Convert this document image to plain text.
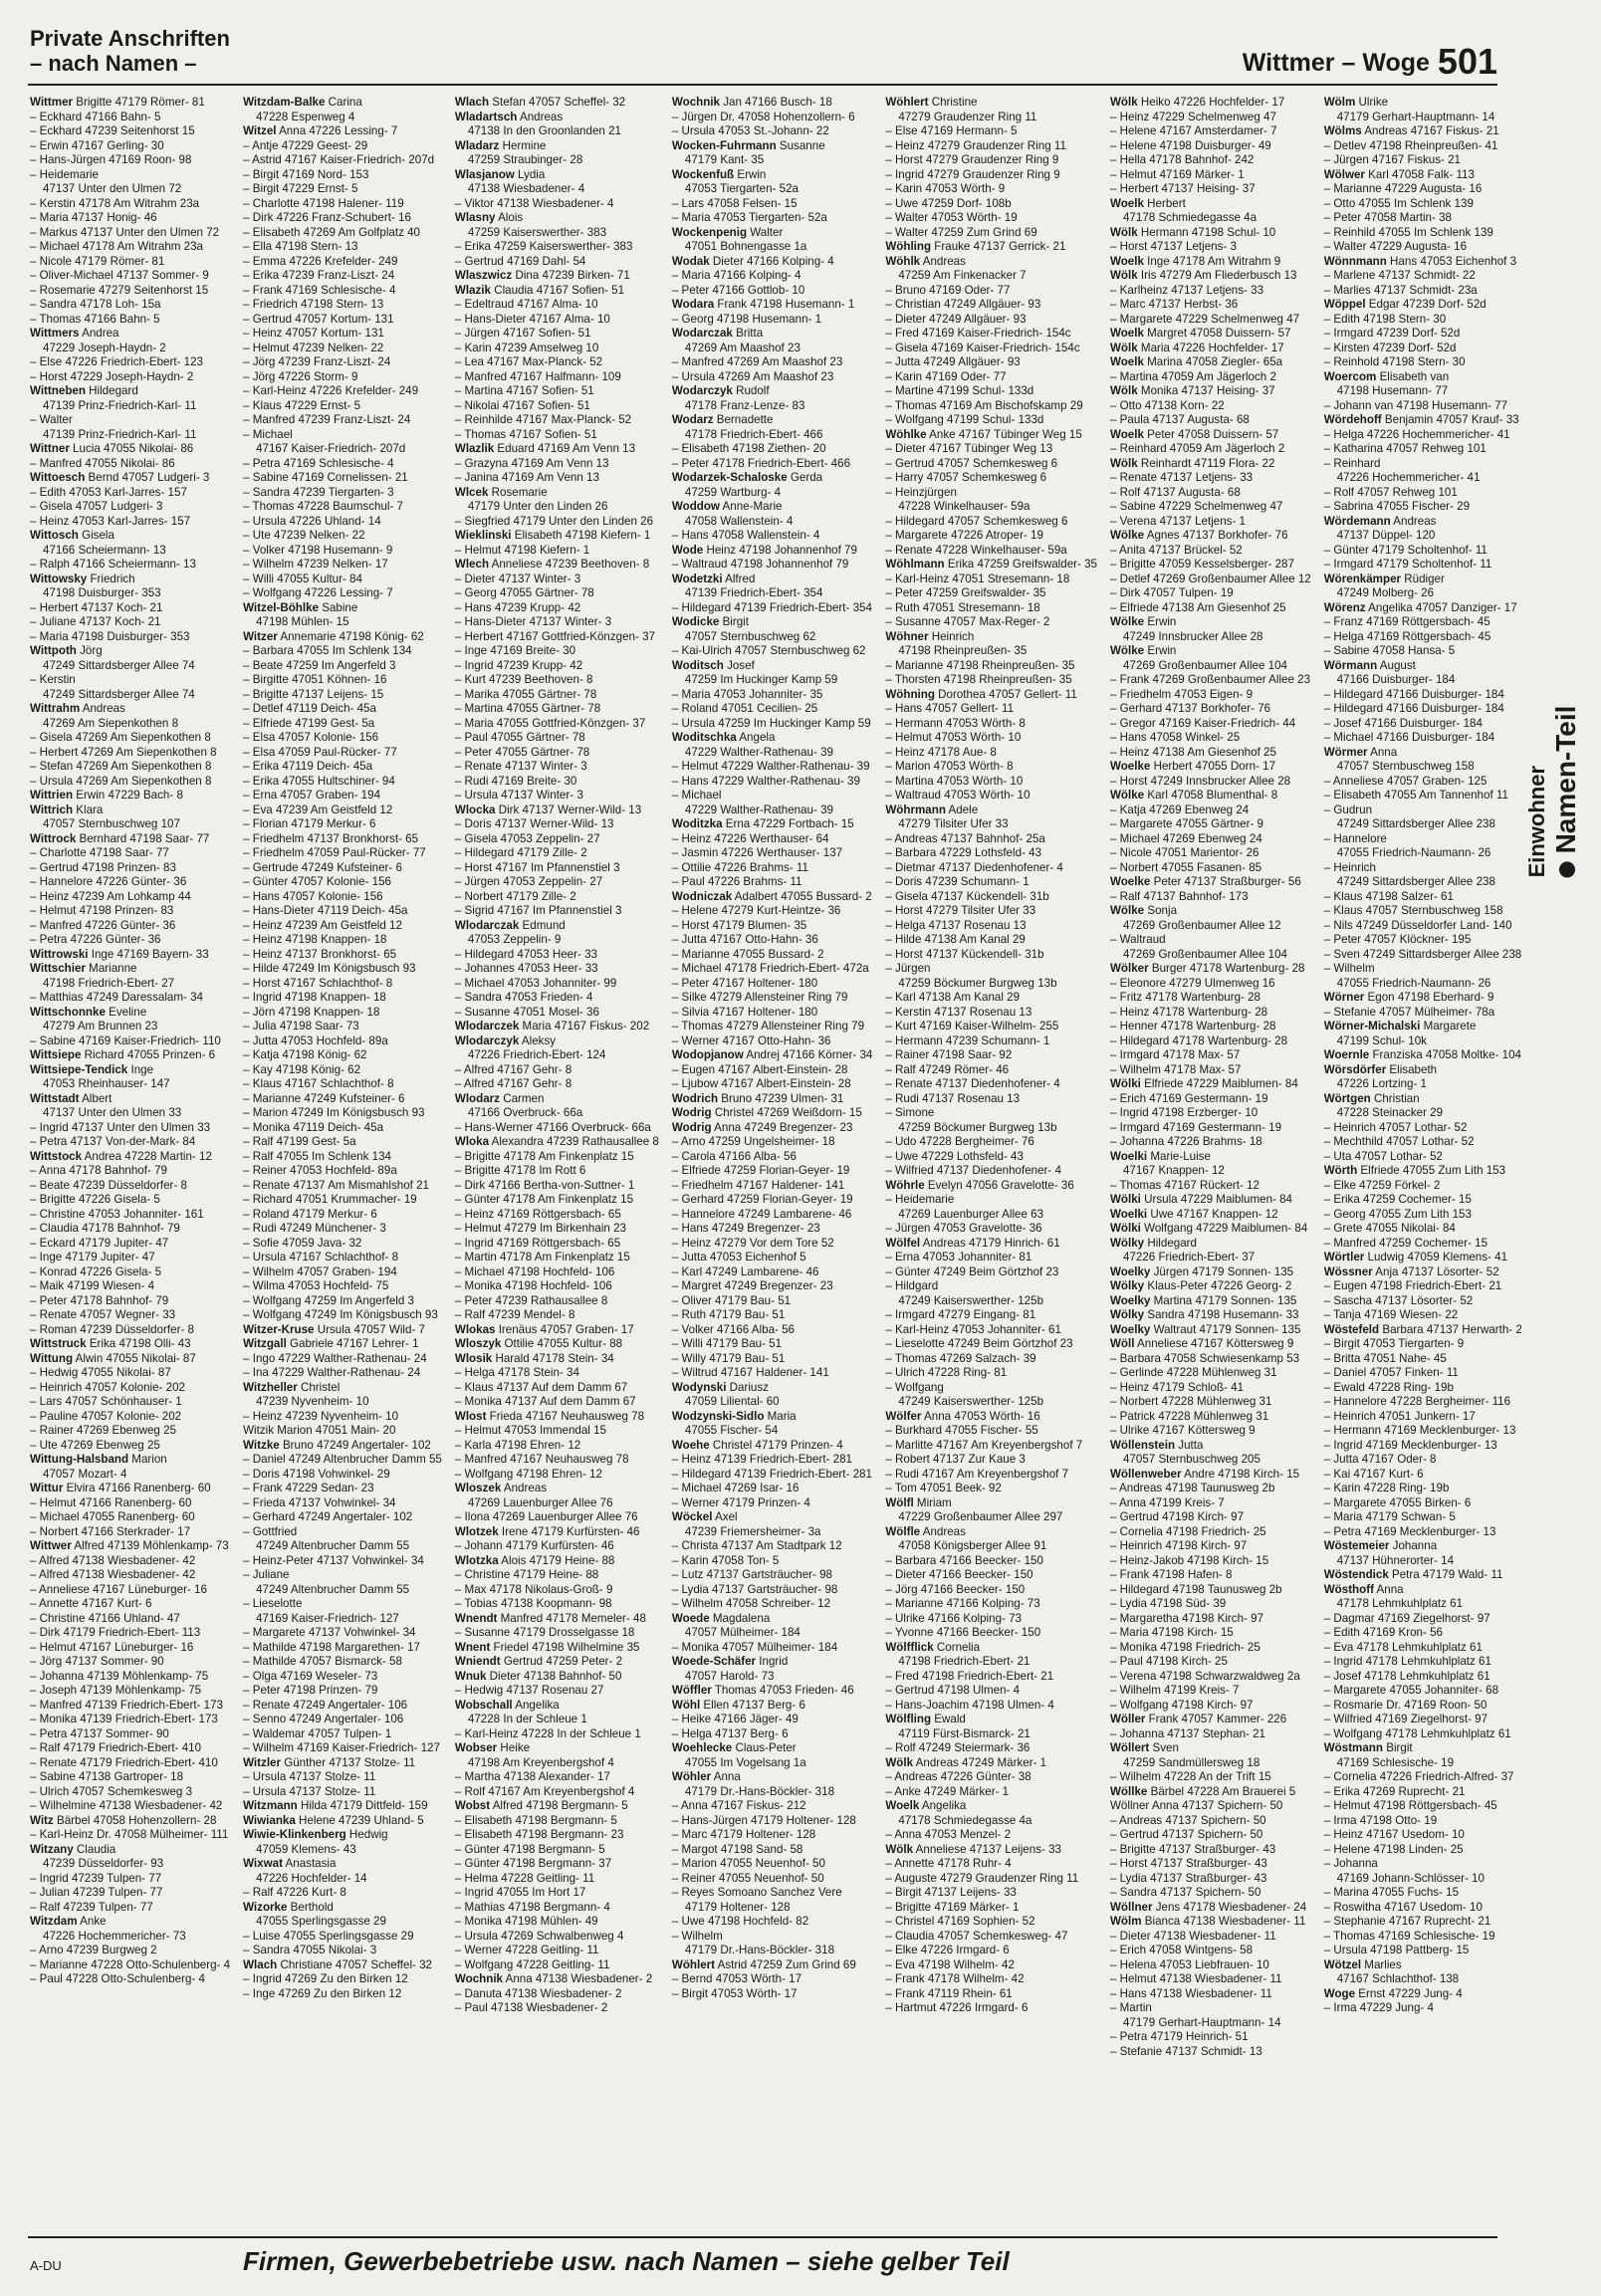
Private Anschriften
– nach Namen –	Wittmer – Woge 501
Wittmer Brigitte 47179 Römer- 81
– Eckhard 47166 Bahn- 5
– Eckhard 47239 Seitenhorst 15
– Erwin 47167 Gerling- 30
– Hans-Jürgen 47169 Roon- 98
– Heidemarie
47137 Unter den Ulmen 72
– Kerstin 47178 Am Witrahm 23a
– Maria 47137 Honig- 46
– Markus 47137 Unter den Ulmen 72
– Michael 47178 Am Witrahm 23a
– Nicole 47179 Römer- 81
– Oliver-Michael 47137 Sommer- 9
– Rosemarie 47279 Seitenhorst 15
– Sandra 47178 Loh- 15a
– Thomas 47166 Bahn- 5
Wittmers Andrea
47229 Joseph-Haydn- 2
– Else 47226 Friedrich-Ebert- 123
– Horst 47229 Joseph-Haydn- 2
Wittneben Hildegard
47139 Prinz-Friedrich-Karl- 11
– Walter
47139 Prinz-Friedrich-Karl- 11
Wittner Lucia 47055 Nikolai- 86
– Manfred 47055 Nikolai- 86
Wittoesch Bernd 47057 Ludgeri- 3
– Edith 47053 Karl-Jarres- 157
– Gisela 47057 Ludgeri- 3
– Heinz 47053 Karl-Jarres- 157
Wittosch Gisela
47166 Scheiermann- 13
– Ralph 47166 Scheiermann- 13
Wittowsky Friedrich
47198 Duisburger- 353
– Herbert 47137 Koch- 21
– Juliane 47137 Koch- 21
– Maria 47198 Duisburger- 353
Wittpoth Jörg
47249 Sittardsberger Allee 74
– Kerstin
47249 Sittardsberger Allee 74
Wittrahm Andreas
47269 Am Siepenkothen 8
– Gisela 47269 Am Siepenkothen 8
– Herbert 47269 Am Siepenkothen 8
– Stefan 47269 Am Siepenkothen 8
– Ursula 47269 Am Siepenkothen 8
Wittrien Erwin 47229 Bach- 8
Wittrich Klara
47057 Sternbuschweg 107
Wittrock Bernhard 47198 Saar- 77
– Charlotte 47198 Saar- 77
– Gertrud 47198 Prinzen- 83
– Hannelore 47226 Günter- 36
– Heinz 47239 Am Lohkamp 44
– Helmut 47198 Prinzen- 83
– Manfred 47226 Günter- 36
– Petra 47226 Günter- 36
Wittrowski Inge 47169 Bayern- 33
Wittschier Marianne
47198 Friedrich-Ebert- 27
– Matthias 47249 Daressalam- 34
Wittschonnke Eveline
47279 Am Brunnen 23
– Sabine 47169 Kaiser-Friedrich- 110
Wittsiepe Richard 47055 Prinzen- 6
Wittsiepe-Tendick Inge
47053 Rheinhauser- 147
Wittstadt Albert
47137 Unter den Ulmen 33
– Ingrid 47137 Unter den Ulmen 33
– Petra 47137 Von-der-Mark- 84
Wittstock Andrea 47228 Martin- 12
– Anna 47178 Bahnhof- 79
– Beate 47239 Düsseldorfer- 8
– Brigitte 47226 Gisela- 5
– Christine 47053 Johanniter- 161
– Claudia 47178 Bahnhof- 79
– Eckard 47179 Jupiter- 47
– Inge 47179 Jupiter- 47
– Konrad 47226 Gisela- 5
– Maik 47199 Wiesen- 4
– Peter 47178 Bahnhof- 79
– Renate 47057 Wegner- 33
– Roman 47239 Düsseldorfer- 8
Wittstruck Erika 47198 Olli- 43
Wittung Alwin 47055 Nikolai- 87
– Hedwig 47055 Nikolai- 87
– Heinrich 47057 Kolonie- 202
– Lars 47057 Schönhauser- 1
– Pauline 47057 Kolonie- 202
– Rainer 47269 Ebenweg 25
– Ute 47269 Ebenweg 25
Wittung-Halsband Marion
47057 Mozart- 4
Wittur Elvira 47166 Ranenberg- 60
– Helmut 47166 Ranenberg- 60
– Michael 47055 Ranenberg- 60
– Norbert 47166 Sterkrader- 17
Wittwer Alfred 47139 Möhlenkamp- 73
– Alfred 47138 Wiesbadener- 42
– Alfred 47138 Wiesbadener- 42
– Anneliese 47167 Lüneburger- 16
– Annette 47167 Kurt- 6
– Christine 47166 Uhland- 47
– Dirk 47179 Friedrich-Ebert- 113
– Helmut 47167 Lüneburger- 16
– Jörg 47137 Sommer- 90
– Johanna 47139 Möhlenkamp- 75
– Joseph 47139 Möhlenkamp- 75
– Manfred 47139 Friedrich-Ebert- 173
– Monika 47139 Friedrich-Ebert- 173
– Petra 47137 Sommer- 90
– Ralf 47179 Friedrich-Ebert- 410
– Renate 47179 Friedrich-Ebert- 410
– Sabine 47138 Gartroper- 18
– Ulrich 47057 Schemkesweg 3
– Wilhelmine 47138 Wiesbadener- 42
Witz Bärbel 47058 Hohenzollern- 28
– Karl-Heinz Dr. 47058 Mülheimer- 111
Witzany Claudia
47239 Düsseldorfer- 93
– Ingrid 47239 Tulpen- 77
– Julian 47239 Tulpen- 77
– Ralf 47239 Tulpen- 77
Witzdam Anke
47226 Hochemmericher- 73
– Arno 47239 Burgweg 2
– Marianne 47228 Otto-Schulenberg- 4
– Paul 47228 Otto-Schulenberg- 4
Witzdam-Balke Carina
47228 Espenweg 4
Witzel Anna 47226 Lessing- 7
– Antje 47229 Geest- 29
– Astrid 47167 Kaiser-Friedrich- 207d
– Birgit 47169 Nord- 153
– Birgit 47229 Ernst- 5
– Charlotte 47198 Halener- 119
– Dirk 47226 Franz-Schubert- 16
– Elisabeth 47269 Am Golfplatz 40
– Ella 47198 Stern- 13
– Emma 47226 Krefelder- 249
– Erika 47239 Franz-Liszt- 24
– Frank 47169 Schlesische- 4
– Friedrich 47198 Stern- 13
– Gertrud 47057 Kortum- 131
– Heinz 47057 Kortum- 131
– Helmut 47239 Nelken- 22
– Jörg 47239 Franz-Liszt- 24
– Jörg 47226 Storm- 9
– Karl-Heinz 47226 Krefelder- 249
– Klaus 47229 Ernst- 5
– Manfred 47239 Franz-Liszt- 24
– Michael
47167 Kaiser-Friedrich- 207d
– Petra 47169 Schlesische- 4
– Sabine 47169 Cornelissen- 21
– Sandra 47239 Tiergarten- 3
– Thomas 47228 Baumschul- 7
– Ursula 47226 Uhland- 14
– Ute 47239 Nelken- 22
– Volker 47198 Husemann- 9
– Wilhelm 47239 Nelken- 17
– Willi 47055 Kultur- 84
– Wolfgang 47226 Lessing- 7
Witzel-Böhlke Sabine
47198 Mühlen- 15
Witzer Annemarie 47198 König- 62
– Barbara 47055 Im Schlenk 134
– Beate 47259 Im Angerfeld 3
– Birgitte 47051 Köhnen- 16
– Brigitte 47137 Leijens- 15
– Detlef 47119 Deich- 45a
– Elfriede 47199 Gest- 5a
– Elsa 47057 Kolonie- 156
– Elsa 47059 Paul-Rücker- 77
– Erika 47119 Deich- 45a
– Erika 47055 Hultschiner- 94
– Erna 47057 Graben- 194
– Eva 47239 Am Geistfeld 12
– Florian 47179 Merkur- 6
– Friedhelm 47137 Bronkhorst- 65
– Friedhelm 47059 Paul-Rücker- 77
– Gertrude 47249 Kufsteiner- 6
– Günter 47057 Kolonie- 156
– Hans 47057 Kolonie- 156
– Hans-Dieter 47119 Deich- 45a
– Heinz 47239 Am Geistfeld 12
– Heinz 47198 Knappen- 18
– Heinz 47137 Bronkhorst- 65
– Hilde 47249 Im Königsbusch 93
– Horst 47167 Schlachthof- 8
– Ingrid 47198 Knappen- 18
– Jörn 47198 Knappen- 18
– Julia 47198 Saar- 73
– Jutta 47053 Hochfeld- 89a
– Katja 47198 König- 62
– Kay 47198 König- 62
– Klaus 47167 Schlachthof- 8
– Marianne 47249 Kufsteiner- 6
– Marion 47249 Im Königsbusch 93
– Monika 47119 Deich- 45a
– Ralf 47199 Gest- 5a
– Ralf 47055 Im Schlenk 134
– Reiner 47053 Hochfeld- 89a
– Renate 47137 Am Mismahlshof 21
– Richard 47051 Krummacher- 19
– Roland 47179 Merkur- 6
– Rudi 47249 Münchener- 3
– Sofie 47059 Java- 32
– Ursula 47167 Schlachthof- 8
– Wilhelm 47057 Graben- 194
– Wilma 47053 Hochfeld- 75
– Wolfgang 47259 Im Angerfeld 3
– Wolfgang 47249 Im Königsbusch 93
Witzer-Kruse Ursula 47057 Wild- 7
Witzgall Gabriele 47167 Lehrer- 1
– Ingo 47229 Walther-Rathenau- 24
– Ina 47229 Walther-Rathenau- 24
Witzheller Christel
47239 Nyvenheim- 10
– Heinz 47239 Nyvenheim- 10
Witzik Marion 47051 Main- 20
Witzke Bruno 47249 Angertaler- 102
– Daniel 47249 Altenbrucher Damm 55
– Doris 47198 Vohwinkel- 29
– Frank 47229 Sedan- 23
– Frieda 47137 Vohwinkel- 34
– Gerhard 47249 Angertaler- 102
– Gottfried
47249 Altenbrucher Damm 55
– Heinz-Peter 47137 Vohwinkel- 34
– Juliane
47249 Altenbrucher Damm 55
– Lieselotte
47169 Kaiser-Friedrich- 127
– Margarete 47137 Vohwinkel- 34
– Mathilde 47198 Margarethen- 17
– Mathilde 47057 Bismarck- 58
– Olga 47169 Weseler- 73
– Peter 47198 Prinzen- 79
– Renate 47249 Angertaler- 106
– Senno 47249 Angertaler- 106
– Waldemar 47057 Tulpen- 1
– Wilhelm 47169 Kaiser-Friedrich- 127
Witzler Günther 47137 Stolze- 11
– Ursula 47137 Stolze- 11
– Ursula 47137 Stolze- 11
Witzmann Hilda 47179 Dittfeld- 159
Wiwianka Helene 47239 Uhland- 5
Wiwie-Klinkenberg Hedwig
47059 Klemens- 43
Wixwat Anastasia
47226 Hochfelder- 14
– Ralf 47226 Kurt- 8
Wizorke Berthold
47055 Sperlingsgasse 29
– Luise 47055 Sperlingsgasse 29
– Sandra 47055 Nikolai- 3
Wlach Christiane 47057 Scheffel- 32
– Ingrid 47269 Zu den Birken 12
– Inge 47269 Zu den Birken 12
Wlach Stefan 47057 Scheffel- 32
Wladartsch Andreas
47138 In den Groonlanden 21
Wladarz Hermine
47259 Straubinger- 28
Wlasjanow Lydia
47138 Wiesbadener- 4
– Viktor 47138 Wiesbadener- 4
Wlasny Alois
47259 Kaiserswerther- 383
– Erika 47259 Kaiserswerther- 383
– Gertrud 47169 Dahl- 54
Wlaszwicz Dina 47239 Birken- 71
Wlazik Claudia 47167 Sofien- 51
– Edeltraud 47167 Alma- 10
– Hans-Dieter 47167 Alma- 10
– Jürgen 47167 Sofien- 51
– Karin 47239 Amselweg 10
– Lea 47167 Max-Planck- 52
– Manfred 47167 Halfmann- 109
– Martina 47167 Sofien- 51
– Nikolai 47167 Sofien- 51
– Reinhilde 47167 Max-Planck- 52
– Thomas 47167 Sofien- 51
Wlazlik Eduard 47169 Am Venn 13
– Grazyna 47169 Am Venn 13
– Janina 47169 Am Venn 13
Wlcek Rosemarie
47179 Unter den Linden 26
– Siegfried 47179 Unter den Linden 26
Wieklinski Elisabeth 47198 Kiefern- 1
– Helmut 47198 Kiefern- 1
Wlech Anneliese 47239 Beethoven- 8
– Dieter 47137 Winter- 3
– Georg 47055 Gärtner- 78
– Hans 47239 Krupp- 42
– Hans-Dieter 47137 Winter- 3
– Herbert 47167 Gottfried-Könzgen- 37
– Inge 47169 Breite- 30
– Ingrid 47239 Krupp- 42
– Kurt 47239 Beethoven- 8
– Marika 47055 Gärtner- 78
– Martina 47055 Gärtner- 78
– Maria 47055 Gottfried-Könzgen- 37
– Paul 47055 Gärtner- 78
– Peter 47055 Gärtner- 78
– Renate 47137 Winter- 3
– Rudi 47169 Breite- 30
– Ursula 47137 Winter- 3
Wlocka Dirk 47137 Werner-Wild- 13
– Doris 47137 Werner-Wild- 13
– Gisela 47053 Zeppelin- 27
– Hildegard 47179 Zille- 2
– Horst 47167 Im Pfannenstiel 3
– Jürgen 47053 Zeppelin- 27
– Norbert 47179 Zille- 2
– Sigrid 47167 Im Pfannenstiel 3
Wlodarczak Edmund
47053 Zeppelin- 9
– Hildegard 47053 Heer- 33
– Johannes 47053 Heer- 33
– Michael 47053 Johanniter- 99
– Sandra 47053 Frieden- 4
– Susanne 47051 Mosel- 36
Wlodarczek Maria 47167 Fiskus- 202
Wlodarczyk Aleksy
47226 Friedrich-Ebert- 124
– Alfred 47167 Gehr- 8
– Alfred 47167 Gehr- 8
Wlodarz Carmen
47166 Overbruck- 66a
– Hans-Werner 47166 Overbruck- 66a
Wloka Alexandra 47239 Rathausallee 8
– Brigitte 47178 Am Finkenplatz 15
– Brigitte 47178 Im Rott 6
– Dirk 47166 Bertha-von-Suttner- 1
– Günter 47178 Am Finkenplatz 15
– Heinz 47169 Röttgersbach- 65
– Helmut 47279 Im Birkenhain 23
– Ingrid 47169 Röttgersbach- 65
– Martin 47178 Am Finkenplatz 15
– Michael 47198 Hochfeld- 106
– Monika 47198 Hochfeld- 106
– Peter 47239 Rathausallee 8
– Ralf 47239 Mendel- 8
Wlokas Irenäus 47057 Graben- 17
Wloszyk Ottilie 47055 Kultur- 88
Wlosik Harald 47178 Stein- 34
– Helga 47178 Stein- 34
– Klaus 47137 Auf dem Damm 67
– Monika 47137 Auf dem Damm 67
Wlost Frieda 47167 Neuhausweg 78
– Helmut 47053 Immendal 15
– Karla 47198 Ehren- 12
– Manfred 47167 Neuhausweg 78
– Wolfgang 47198 Ehren- 12
Wloszek Andreas
47269 Lauenburger Allee 76
– Ilona 47269 Lauenburger Allee 76
Wlotzek Irene 47179 Kurfürsten- 46
– Johann 47179 Kurfürsten- 46
Wlotzka Alois 47179 Heine- 88
– Christine 47179 Heine- 88
– Max 47178 Nikolaus-Groß- 9
– Tobias 47138 Koopmann- 98
Wnendt Manfred 47178 Memeler- 48
– Susanne 47179 Drosselgasse 18
Wnent Friedel 47198 Wilhelmine 35
Wniendt Gertrud 47259 Peter- 2
Wnuk Dieter 47138 Bahnhof- 50
– Hedwig 47137 Rosenau 27
Wobschall Angelika
47228 In der Schleue 1
– Karl-Heinz 47228 In der Schleue 1
Wobser Heike
47198 Am Kreyenbergshof 4
– Martha 47138 Alexander- 17
– Rolf 47167 Am Kreyenbergshof 4
Wobst Alfred 47198 Bergmann- 5
– Elisabeth 47198 Bergmann- 5
– Elisabeth 47198 Bergmann- 23
– Günter 47198 Bergmann- 5
– Günter 47198 Bergmann- 37
– Helma 47228 Geitling- 11
– Ingrid 47055 Im Hort 17
– Mathias 47198 Bergmann- 4
– Monika 47198 Mühlen- 49
– Ursula 47269 Schwalbenweg 4
– Werner 47228 Geitling- 11
– Wolfgang 47228 Geitling- 11
Wochnik Anna 47138 Wiesbadener- 2
– Danuta 47138 Wiesbadener- 2
– Paul 47138 Wiesbadener- 2
Wochnik Jan 47166 Busch- 18
– Jürgen Dr. 47058 Hohenzollern- 6
– Ursula 47053 St.-Johann- 22
Wocken-Fuhrmann Susanne
47179 Kant- 35
Wockenfuß Erwin
47053 Tiergarten- 52a
– Lars 47058 Felsen- 15
– Maria 47053 Tiergarten- 52a
Wockenpenig Walter
47051 Bohnengasse 1a
Wodak Dieter 47166 Kolping- 4
– Maria 47166 Kolping- 4
– Peter 47166 Gottlob- 10
Wodara Frank 47198 Husemann- 1
– Georg 47198 Husemann- 1
Wodarczak Britta
47269 Am Maashof 23
– Manfred 47269 Am Maashof 23
– Ursula 47269 Am Maashof 23
Wodarczyk Rudolf
47178 Franz-Lenze- 83
Wodarz Bernadette
47178 Friedrich-Ebert- 466
– Elisabeth 47198 Ziethen- 20
– Peter 47178 Friedrich-Ebert- 466
Wodarzek-Schaloske Gerda
47259 Wartburg- 4
Woddow Anne-Marie
47058 Wallenstein- 4
– Hans 47058 Wallenstein- 4
Wode Heinz 47198 Johannenhof 79
– Waltraud 47198 Johannenhof 79
Wodetzki Alfred
47139 Friedrich-Ebert- 354
– Hildegard 47139 Friedrich-Ebert- 354
Wodicke Birgit
47057 Sternbuschweg 62
– Kai-Ulrich 47057 Sternbuschweg 62
Woditsch Josef
47259 Im Huckinger Kamp 59
– Maria 47053 Johanniter- 35
– Roland 47051 Cecilien- 25
– Ursula 47259 Im Huckinger Kamp 59
Woditschka Angela
47229 Walther-Rathenau- 39
– Helmut 47229 Walther-Rathenau- 39
– Hans 47229 Walther-Rathenau- 39
– Michael
47229 Walther-Rathenau- 39
Woditzka Erna 47229 Fortbach- 15
– Heinz 47226 Werthauser- 64
– Jasmin 47226 Werthauser- 137
– Ottilie 47226 Brahms- 11
– Paul 47226 Brahms- 11
Wodniczak Adalbert 47055 Bussard- 2
– Helene 47279 Kurt-Heintze- 36
– Horst 47179 Blumen- 35
– Jutta 47167 Otto-Hahn- 36
– Marianne 47055 Bussard- 2
– Michael 47178 Friedrich-Ebert- 472a
– Peter 47167 Holtener- 180
– Silke 47279 Allensteiner Ring 79
– Silvia 47167 Holtener- 180
– Thomas 47279 Allensteiner Ring 79
– Werner 47167 Otto-Hahn- 36
Wodopjanow Andrej 47166 Körner- 34
– Eugen 47167 Albert-Einstein- 28
– Ljubow 47167 Albert-Einstein- 28
Wodrich Bruno 47239 Ulmen- 31
Wodrig Christel 47269 Weißdorn- 15
Wodrig Anna 47249 Bregenzer- 23
– Arno 47259 Ungelsheimer- 18
– Carola 47166 Alba- 56
– Elfriede 47259 Florian-Geyer- 19
– Friedhelm 47167 Haldener- 141
– Gerhard 47259 Florian-Geyer- 19
– Hannelore 47249 Lambarene- 46
– Hans 47249 Bregenzer- 23
– Heinz 47279 Vor dem Tore 52
– Jutta 47053 Eichenhof 5
– Karl 47249 Lambarene- 46
– Margret 47249 Bregenzer- 23
– Oliver 47179 Bau- 51
– Ruth 47179 Bau- 51
– Volker 47166 Alba- 56
– Willi 47179 Bau- 51
– Willy 47179 Bau- 51
– Wiltrud 47167 Haldener- 141
Wodynski Dariusz
47059 Liliental- 60
Wodzynski-Sidlo Maria
47055 Fischer- 54
Woehe Christel 47179 Prinzen- 4
– Heinz 47139 Friedrich-Ebert- 281
– Hildegard 47139 Friedrich-Ebert- 281
– Michael 47269 Isar- 16
– Werner 47179 Prinzen- 4
Wöckel Axel
47239 Friemersheimer- 3a
– Christa 47137 Am Stadtpark 12
– Karin 47058 Ton- 5
– Lutz 47137 Gartsträucher- 98
– Lydia 47137 Gartsträucher- 98
– Wilhelm 47058 Schreiber- 12
Woede Magdalena
47057 Mülheimer- 184
– Monika 47057 Mülheimer- 184
Woede-Schäfer Ingrid
47057 Harold- 73
Wöffler Thomas 47053 Frieden- 46
Wöhl Ellen 47137 Berg- 6
– Heike 47166 Jäger- 49
– Helga 47137 Berg- 6
Woehlecke Claus-Peter
47055 Im Vogelsang 1a
Wöhler Anna
47179 Dr.-Hans-Böckler- 318
– Anna 47167 Fiskus- 212
– Hans-Jürgen 47179 Holtener- 128
– Marc 47179 Holtener- 128
– Margot 47198 Sand- 58
– Marion 47055 Neuenhof- 50
– Reiner 47055 Neuenhof- 50
– Reyes Somoano Sanchez Vere
47179 Holtener- 128
– Uwe 47198 Hochfeld- 82
– Wilhelm
47179 Dr.-Hans-Böckler- 318
Wöhlert Astrid 47259 Zum Grind 69
– Bernd 47053 Wörth- 17
– Birgit 47053 Wörth- 17
Wöhlert Christine
47279 Graudenzer Ring 11
– Else 47169 Hermann- 5
– Heinz 47279 Graudenzer Ring 11
– Horst 47279 Graudenzer Ring 9
– Ingrid 47279 Graudenzer Ring 9
– Karin 47053 Wörth- 9
– Uwe 47259 Dorf- 108b
– Walter 47053 Wörth- 19
– Walter 47259 Zum Grind 69
Wöhling Frauke 47137 Gerrick- 21
Wöhlk Andreas
47259 Am Finkenacker 7
– Bruno 47169 Oder- 77
– Christian 47249 Allgäuer- 93
– Dieter 47249 Allgäuer- 93
– Fred 47169 Kaiser-Friedrich- 154c
– Gisela 47169 Kaiser-Friedrich- 154c
– Jutta 47249 Allgäuer- 93
– Karin 47169 Oder- 77
– Martine 47199 Schul- 133d
– Thomas 47169 Am Bischofskamp 29
– Wolfgang 47199 Schul- 133d
Wöhlke Anke 47167 Tübinger Weg 15
– Dieter 47167 Tübinger Weg 13
– Gertrud 47057 Schemkesweg 6
– Harry 47057 Schemkesweg 6
– Heinzjürgen
47228 Winkelhauser- 59a
– Hildegard 47057 Schemkesweg 6
– Margarete 47226 Atroper- 19
– Renate 47228 Winkelhauser- 59a
Wöhlmann Erika 47259 Greifswalder- 35
– Karl-Heinz 47051 Stresemann- 18
– Peter 47259 Greifswalder- 35
– Ruth 47051 Stresemann- 18
– Susanne 47057 Max-Reger- 2
Wöhner Heinrich
47198 Rheinpreußen- 35
– Marianne 47198 Rheinpreußen- 35
– Thorsten 47198 Rheinpreußen- 35
Wöhning Dorothea 47057 Gellert- 11
– Hans 47057 Gellert- 11
– Hermann 47053 Wörth- 8
– Helmut 47053 Wörth- 10
– Heinz 47178 Aue- 8
– Marion 47053 Wörth- 8
– Martina 47053 Wörth- 10
– Waltraud 47053 Wörth- 10
Wöhrmann Adele
47279 Tilsiter Ufer 33
– Andreas 47137 Bahnhof- 25a
– Barbara 47229 Lothsfeld- 43
– Dietmar 47137 Diedenhofener- 4
– Doris 47239 Schumann- 1
– Gisela 47137 Kückendell- 31b
– Horst 47279 Tilsiter Ufer 33
– Helga 47137 Rosenau 13
– Hilde 47138 Am Kanal 29
– Horst 47137 Kückendell- 31b
– Jürgen
47259 Böckumer Burgweg 13b
– Karl 47138 Am Kanal 29
– Kerstin 47137 Rosenau 13
– Kurt 47169 Kaiser-Wilhelm- 255
– Hermann 47239 Schumann- 1
– Rainer 47198 Saar- 92
– Ralf 47249 Römer- 46
– Renate 47137 Diedenhofener- 4
– Rudi 47137 Rosenau 13
– Simone
47259 Böckumer Burgweg 13b
– Udo 47228 Bergheimer- 76
– Uwe 47229 Lothsfeld- 43
– Wilfried 47137 Diedenhofener- 4
Wöhrle Evelyn 47056 Gravelotte- 36
– Heidemarie
47269 Lauenburger Allee 63
– Jürgen 47053 Gravelotte- 36
Wölfel Andreas 47179 Hinrich- 61
– Erna 47053 Johanniter- 81
– Günter 47249 Beim Görtzhof 23
– Hildgard
47249 Kaiserswerther- 125b
– Irmgard 47279 Eingang- 81
– Karl-Heinz 47053 Johanniter- 61
– Lieselotte 47249 Beim Görtzhof 23
– Thomas 47269 Salzach- 39
– Ulrich 47228 Ring- 81
– Wolfgang
47249 Kaiserswerther- 125b
Wölfer Anna 47053 Wörth- 16
– Burkhard 47055 Fischer- 55
– Marlitte 47167 Am Kreyenbergshof 7
– Robert 47137 Zur Kaue 3
– Rudi 47167 Am Kreyenbergshof 7
– Tom 47051 Beek- 92
Wölfl Miriam
47229 Großenbaumer Allee 297
Wölfle Andreas
47058 Königsberger Allee 91
– Barbara 47166 Beecker- 150
– Dieter 47166 Beecker- 150
– Jörg 47166 Beecker- 150
– Marianne 47166 Kolping- 73
– Ulrike 47166 Kolping- 73
– Yvonne 47166 Beecker- 150
Wölfflick Cornelia
47198 Friedrich-Ebert- 21
– Fred 47198 Friedrich-Ebert- 21
– Gertrud 47198 Ulmen- 4
– Hans-Joachim 47198 Ulmen- 4
Wölfling Ewald
47119 Fürst-Bismarck- 21
– Rolf 47249 Steiermark- 36
Wölk Andreas 47249 Märker- 1
– Andreas 47226 Günter- 38
– Anke 47249 Märker- 1
Woelk Angelika
47178 Schmiedegasse 4a
– Anna 47053 Menzel- 2
Wölk Anneliese 47137 Leijens- 33
– Annette 47178 Ruhr- 4
– Auguste 47279 Graudenzer Ring 11
– Birgit 47137 Leijens- 33
– Brigitte 47169 Märker- 1
– Christel 47169 Sophien- 52
– Claudia 47057 Schemkesweg- 47
– Elke 47226 Irmgard- 6
– Eva 47198 Wilhelm- 42
– Frank 47178 Wilhelm- 42
– Frank 47119 Rhein- 61
– Hartmut 47226 Irmgard- 6
Wölk Heiko 47226 Hochfelder- 17
– Heinz 47229 Schelmenweg 47
– Helene 47167 Amsterdamer- 7
– Helene 47198 Duisburger- 49
– Hella 47178 Bahnhof- 242
– Helmut 47169 Märker- 1
– Herbert 47137 Heising- 37
Woelk Herbert
47178 Schmiedegasse 4a
Wölk Hermann 47198 Schul- 10
– Horst 47137 Letjens- 3
Woelk Inge 47178 Am Witrahm 9
Wölk Iris 47279 Am Fliederbusch 13
– Karlheinz 47137 Letjens- 33
– Marc 47137 Herbst- 36
– Margarete 47229 Schelmenweg 47
Woelk Margret 47058 Duissern- 57
Wölk Maria 47226 Hochfelder- 17
Woelk Marina 47058 Ziegler- 65a
– Martina 47059 Am Jägerloch 2
Wölk Monika 47137 Heising- 37
– Otto 47138 Korn- 22
– Paula 47137 Augusta- 68
Woelk Peter 47058 Duissern- 57
– Reinhard 47059 Am Jägerloch 2
Wölk Reinhardt 47119 Flora- 22
– Renate 47137 Letjens- 33
– Rolf 47137 Augusta- 68
– Sabine 47229 Schelmenweg 47
– Verena 47137 Letjens- 1
Wölke Agnes 47137 Borkhofer- 76
– Anita 47137 Brückel- 52
– Brigitte 47059 Kesselsberger- 287
– Detlef 47269 Großenbaumer Allee 12
– Dirk 47057 Tulpen- 19
– Elfriede 47138 Am Giesenhof 25
Wölke Erwin
47249 Innsbrucker Allee 28
Wölke Erwin
47269 Großenbaumer Allee 104
– Frank 47269 Großenbaumer Allee 23
– Friedhelm 47053 Eigen- 9
– Gerhard 47137 Borkhofer- 76
– Gregor 47169 Kaiser-Friedrich- 44
– Hans 47058 Winkel- 25
– Heinz 47138 Am Giesenhof 25
Woelke Herbert 47055 Dorn- 17
– Horst 47249 Innsbrucker Allee 28
Wölke Karl 47058 Blumenthal- 8
– Katja 47269 Ebenweg 24
– Margarete 47055 Gärtner- 9
– Michael 47269 Ebenweg 24
– Nicole 47051 Marientor- 26
– Norbert 47055 Fasanen- 85
Woelke Peter 47137 Straßburger- 56
– Ralf 47137 Bahnhof- 173
Wölke Sonja
47269 Großenbaumer Allee 12
– Waltraud
47269 Großenbaumer Allee 104
Wölker Burger 47178 Wartenburg- 28
– Eleonore 47279 Ulmenweg 16
– Fritz 47178 Wartenburg- 28
– Heinz 47178 Wartenburg- 28
– Henner 47178 Wartenburg- 28
– Hildegard 47178 Wartenburg- 28
– Irmgard 47178 Max- 57
– Wilhelm 47178 Max- 57
Wölki Elfriede 47229 Maiblumen- 84
– Erich 47169 Gestermann- 19
– Ingrid 47198 Erzberger- 10
– Irmgard 47169 Gestermann- 19
– Johanna 47226 Brahms- 18
Woelki Marie-Luise
47167 Knappen- 12
– Thomas 47167 Rückert- 12
Wölki Ursula 47229 Maiblumen- 84
Woelki Uwe 47167 Knappen- 12
Wölki Wolfgang 47229 Maiblumen- 84
Wölky Hildegard
47226 Friedrich-Ebert- 37
Woelky Jürgen 47179 Sonnen- 135
Wölky Klaus-Peter 47226 Georg- 2
Woelky Martina 47179 Sonnen- 135
Wölky Sandra 47198 Husemann- 33
Woelky Waltraut 47179 Sonnen- 135
Wöll Anneliese 47167 Köttersweg 9
– Barbara 47058 Schwiesenkamp 53
– Gerlinde 47228 Mühlenweg 31
– Heinz 47179 Schloß- 41
– Norbert 47228 Mühlenweg 31
– Patrick 47228 Mühlenweg 31
– Ulrike 47167 Köttersweg 9
Wöllenstein Jutta
47057 Sternbuschweg 205
Wöllenweber Andre 47198 Kirch- 15
– Andreas 47198 Taunusweg 2b
– Anna 47199 Kreis- 7
– Gertrud 47198 Kirch- 97
– Cornelia 47198 Friedrich- 25
– Heinrich 47198 Kirch- 97
– Heinz-Jakob 47198 Kirch- 15
– Frank 47198 Hafen- 8
– Hildegard 47198 Taunusweg 2b
– Lydia 47198 Süd- 39
– Margaretha 47198 Kirch- 97
– Maria 47198 Kirch- 15
– Monika 47198 Friedrich- 25
– Paul 47198 Kirch- 25
– Verena 47198 Schwarzwaldweg 2a
– Wilhelm 47199 Kreis- 7
– Wolfgang 47198 Kirch- 97
Wöller Frank 47057 Kammer- 226
– Johanna 47137 Stephan- 21
Wöllert Sven
47259 Sandmüllersweg 18
– Wilhelm 47228 An der Trift 15
Wöllke Bärbel 47228 Am Brauerei 5
Wöllner Anna 47137 Spichern- 50
– Andreas 47137 Spichern- 50
– Gertrud 47137 Spichern- 50
– Brigitte 47137 Straßburger- 43
– Horst 47137 Straßburger- 43
– Lydia 47137 Straßburger- 43
– Sandra 47137 Spichern- 50
Wöllner Jens 47178 Wiesbadener- 24
Wölm Bianca 47138 Wiesbadener- 11
– Dieter 47138 Wiesbadener- 11
– Erich 47058 Wintgens- 58
– Helena 47053 Liebfrauen- 10
– Helmut 47138 Wiesbadener- 11
– Hans 47138 Wiesbadener- 11
– Martin
47179 Gerhart-Hauptmann- 14
– Petra 47179 Heinrich- 51
– Stefanie 47137 Schmidt- 13
Wölm Ulrike
47179 Gerhart-Hauptmann- 14
Wölms Andreas 47167 Fiskus- 21
– Detlev 47198 Rheinpreußen- 41
– Jürgen 47167 Fiskus- 21
Wölwer Karl 47058 Falk- 113
– Marianne 47229 Augusta- 16
– Otto 47055 Im Schlenk 139
– Peter 47058 Martin- 38
– Reinhild 47055 Im Schlenk 139
– Walter 47229 Augusta- 16
Wönnmann Hans 47053 Eichenhof 3
– Marlene 47137 Schmidt- 22
– Marlies 47137 Schmidt- 23a
Wöppel Edgar 47239 Dorf- 52d
– Edith 47198 Stern- 30
– Irmgard 47239 Dorf- 52d
– Kirsten 47239 Dorf- 52d
– Reinhold 47198 Stern- 30
Woercom Elisabeth van
47198 Husemann- 77
– Johann van 47198 Husemann- 77
Wördehoff Benjamin 47057 Krauf- 33
– Helga 47226 Hochemmericher- 41
– Katharina 47057 Rehweg 101
– Reinhard
47226 Hochemmericher- 41
– Rolf 47057 Rehweg 101
– Sabrina 47055 Fischer- 29
Wördemann Andreas
47137 Düppel- 120
– Günter 47179 Scholtenhof- 11
– Irmgard 47179 Scholtenhof- 11
Wörenkämper Rüdiger
47249 Molberg- 26
Wörenz Angelika 47057 Danziger- 17
– Franz 47169 Röttgersbach- 45
– Helga 47169 Röttgersbach- 45
– Sabine 47058 Hansa- 5
Wörmann August
47166 Duisburger- 184
– Hildegard 47166 Duisburger- 184
– Hildegard 47166 Duisburger- 184
– Josef 47166 Duisburger- 184
– Michael 47166 Duisburger- 184
Wörmer Anna
47057 Sternbuschweg 158
– Anneliese 47057 Graben- 125
– Elisabeth 47055 Am Tannenhof 11
– Gudrun
47249 Sittardsberger Allee 238
– Hannelore
47055 Friedrich-Naumann- 26
– Heinrich
47249 Sittardsberger Allee 238
– Klaus 47198 Salzer- 61
– Klaus 47057 Sternbuschweg 158
– Nils 47249 Düsseldorfer Land- 140
– Peter 47057 Klöckner- 195
– Sven 47249 Sittardsberger Allee 238
– Wilhelm
47055 Friedrich-Naumann- 26
Wörner Egon 47198 Eberhard- 9
– Stefanie 47057 Mülheimer- 78a
Wörner-Michalski Margarete
47199 Schul- 10k
Woernle Franziska 47058 Moltke- 104
Wörsdörfer Elisabeth
47226 Lortzing- 1
Wörtgen Christian
47228 Steinacker 29
– Heinrich 47057 Lothar- 52
– Mechthild 47057 Lothar- 52
– Uta 47057 Lothar- 52
Wörth Elfriede 47055 Zum Lith 153
– Elke 47259 Förkel- 2
– Erika 47259 Cochemer- 15
– Georg 47055 Zum Lith 153
– Grete 47055 Nikolai- 84
– Manfred 47259 Cochemer- 15
Wörtler Ludwig 47059 Klemens- 41
Wössner Anja 47137 Lösorter- 52
– Eugen 47198 Friedrich-Ebert- 21
– Sascha 47137 Lösorter- 52
– Tanja 47169 Wiesen- 22
Wöstefeld Barbara 47137 Herwarth- 2
– Birgit 47053 Tiergarten- 9
– Britta 47051 Nahe- 45
– Daniel 47057 Finken- 11
– Ewald 47228 Ring- 19b
– Hannelore 47228 Bergheimer- 116
– Heinrich 47051 Junkern- 17
– Hermann 47169 Mecklenburger- 13
– Ingrid 47169 Mecklenburger- 13
– Jutta 47167 Oder- 8
– Kai 47167 Kurt- 6
– Karin 47228 Ring- 19b
– Margarete 47055 Birken- 6
– Maria 47179 Schwan- 5
– Petra 47169 Mecklenburger- 13
Wöstemeier Johanna
47137 Hühnerorter- 14
Wöstendick Petra 47179 Wald- 11
Wösthoff Anna
47178 Lehmkuhlplatz 61
– Dagmar 47169 Ziegelhorst- 97
– Edith 47169 Kron- 56
– Eva 47178 Lehmkuhlplatz 61
– Ingrid 47178 Lehmkuhlplatz 61
– Josef 47178 Lehmkuhlplatz 61
– Margarete 47055 Johanniter- 68
– Rosmarie Dr. 47169 Roon- 50
– Wilfried 47169 Ziegelhorst- 97
– Wolfgang 47178 Lehmkuhlplatz 61
Wöstmann Birgit
47169 Schlesische- 19
– Cornelia 47226 Friedrich-Alfred- 37
– Erika 47269 Ruprecht- 21
– Helmut 47198 Röttgersbach- 45
– Irma 47198 Otto- 19
– Heinz 47167 Usedom- 10
– Helene 47198 Linden- 25
– Johanna
47169 Johann-Schlösser- 10
– Marina 47055 Fuchs- 15
– Roswitha 47167 Usedom- 10
– Stephanie 47167 Ruprecht- 21
– Thomas 47169 Schlesische- 19
– Ursula 47198 Pattberg- 15
Wötzel Marlies
47167 Schlachthof- 138
Woge Ernst 47229 Jung- 4
– Irma 47229 Jung- 4
Einwohner Namen-Teil
A-DU	Firmen, Gewerbebetriebe usw. nach Namen – siehe gelber Teil
